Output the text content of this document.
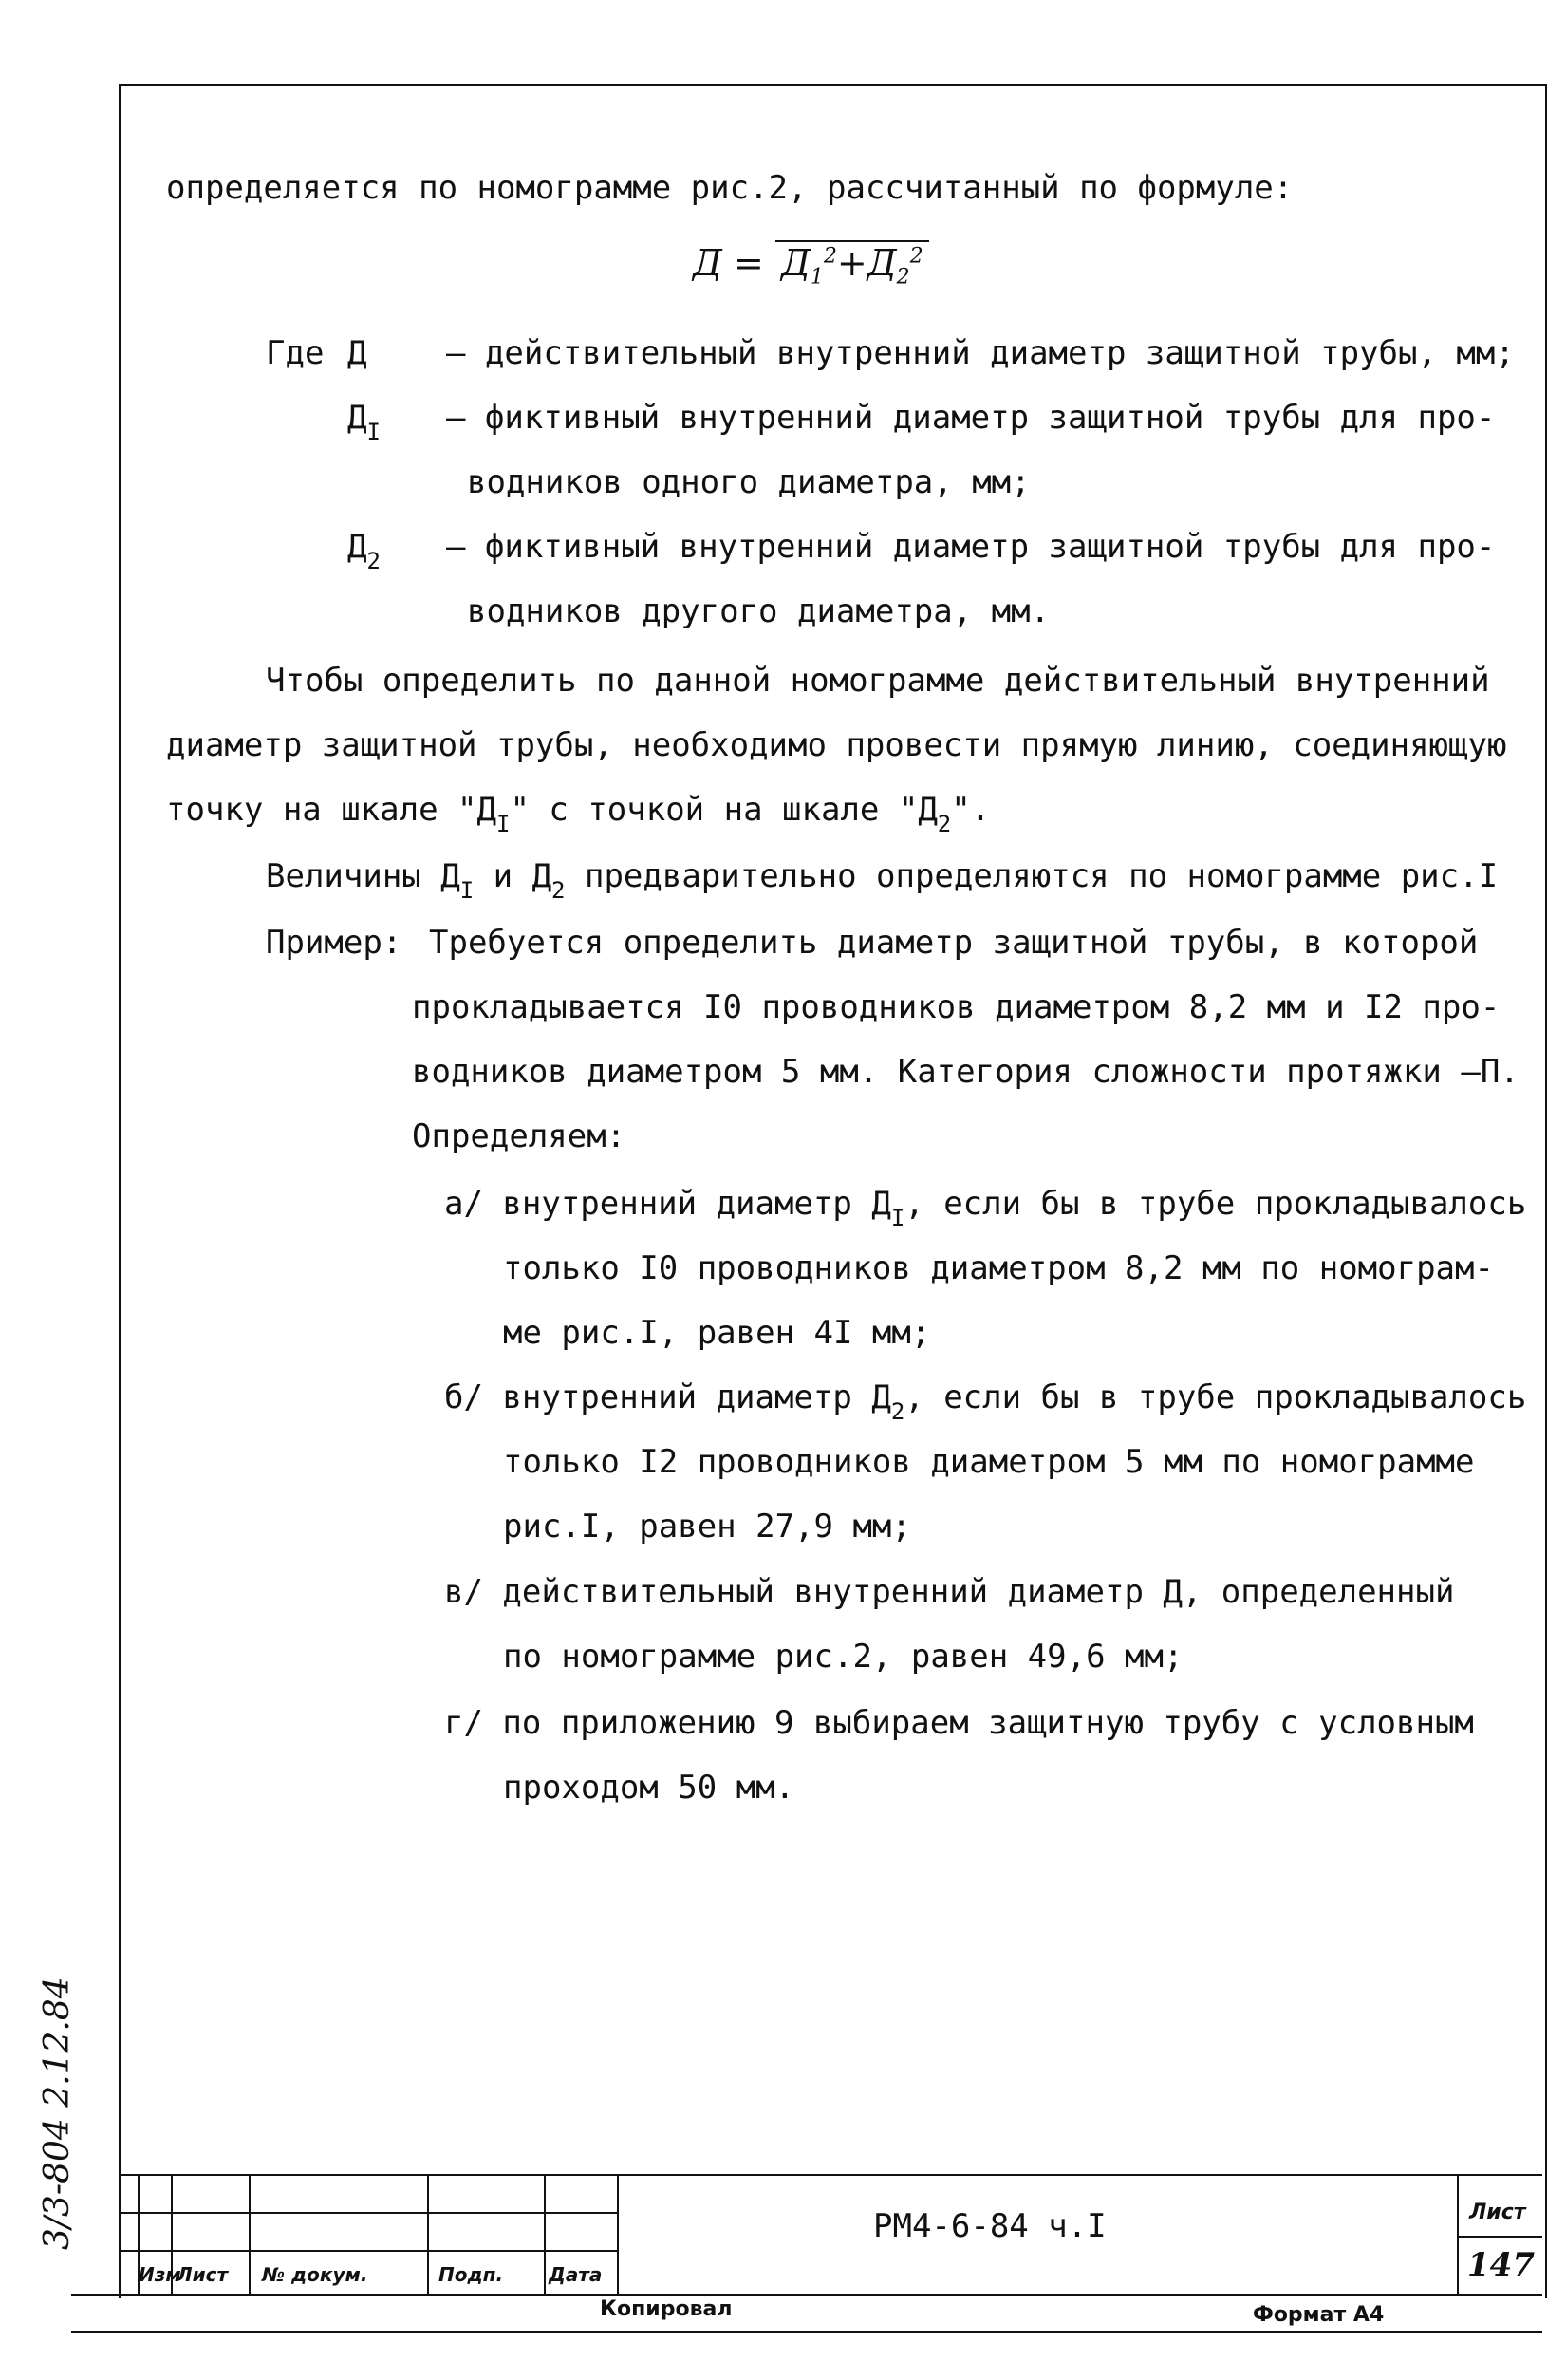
определяется по номограмме рис.2, рассчитанный по формуле:
$Д = Д_1^2+Д_2^2$
Где Д – действительный внутренний диаметр защитной трубы, мм;
$Д_I$ – фиктивный внутренний диаметр защитной трубы для про-
водников одного диаметра, мм;
$Д_2$ – фиктивный внутренний диаметр защитной трубы для про-
водников другого диаметра, мм.
Чтобы определить по данной номограмме действительный внутренний
диаметр защитной трубы, необходимо провести прямую линию, соединяющую
точку на шкале "$Д_I$" с точкой на шкале "$Д_2$".
Величины $Д_I$ и $Д_2$ предварительно определяются по номограмме рис.I
Пример: Требуется определить диаметр защитной трубы, в которой
прокладывается I0 проводников диаметром 8,2 мм и I2 про-
водников диаметром 5 мм. Категория сложности протяжки –П.
Определяем:
а/ внутренний диаметр $Д_I$, если бы в трубе прокладывалось
только I0 проводников диаметром 8,2 мм по номограм-
ме рис.I, равен 4I мм;
б/ внутренний диаметр $Д_2$, если бы в трубе прокладывалось
только I2 проводников диаметром 5 мм по номограмме
рис.I, равен 27,9 мм;
в/ действительный внутренний диаметр Д, определенный
по номограмме рис.2, равен 49,6 мм;
г/ по приложению 9 выбираем защитную трубу с условным
проходом 50 мм.
Изм
Лист № докум.	Подп. Дата
РМ4-6-84 ч.I	Лист
147
Копировал	Формат А4
3/3-804 2.12.84
